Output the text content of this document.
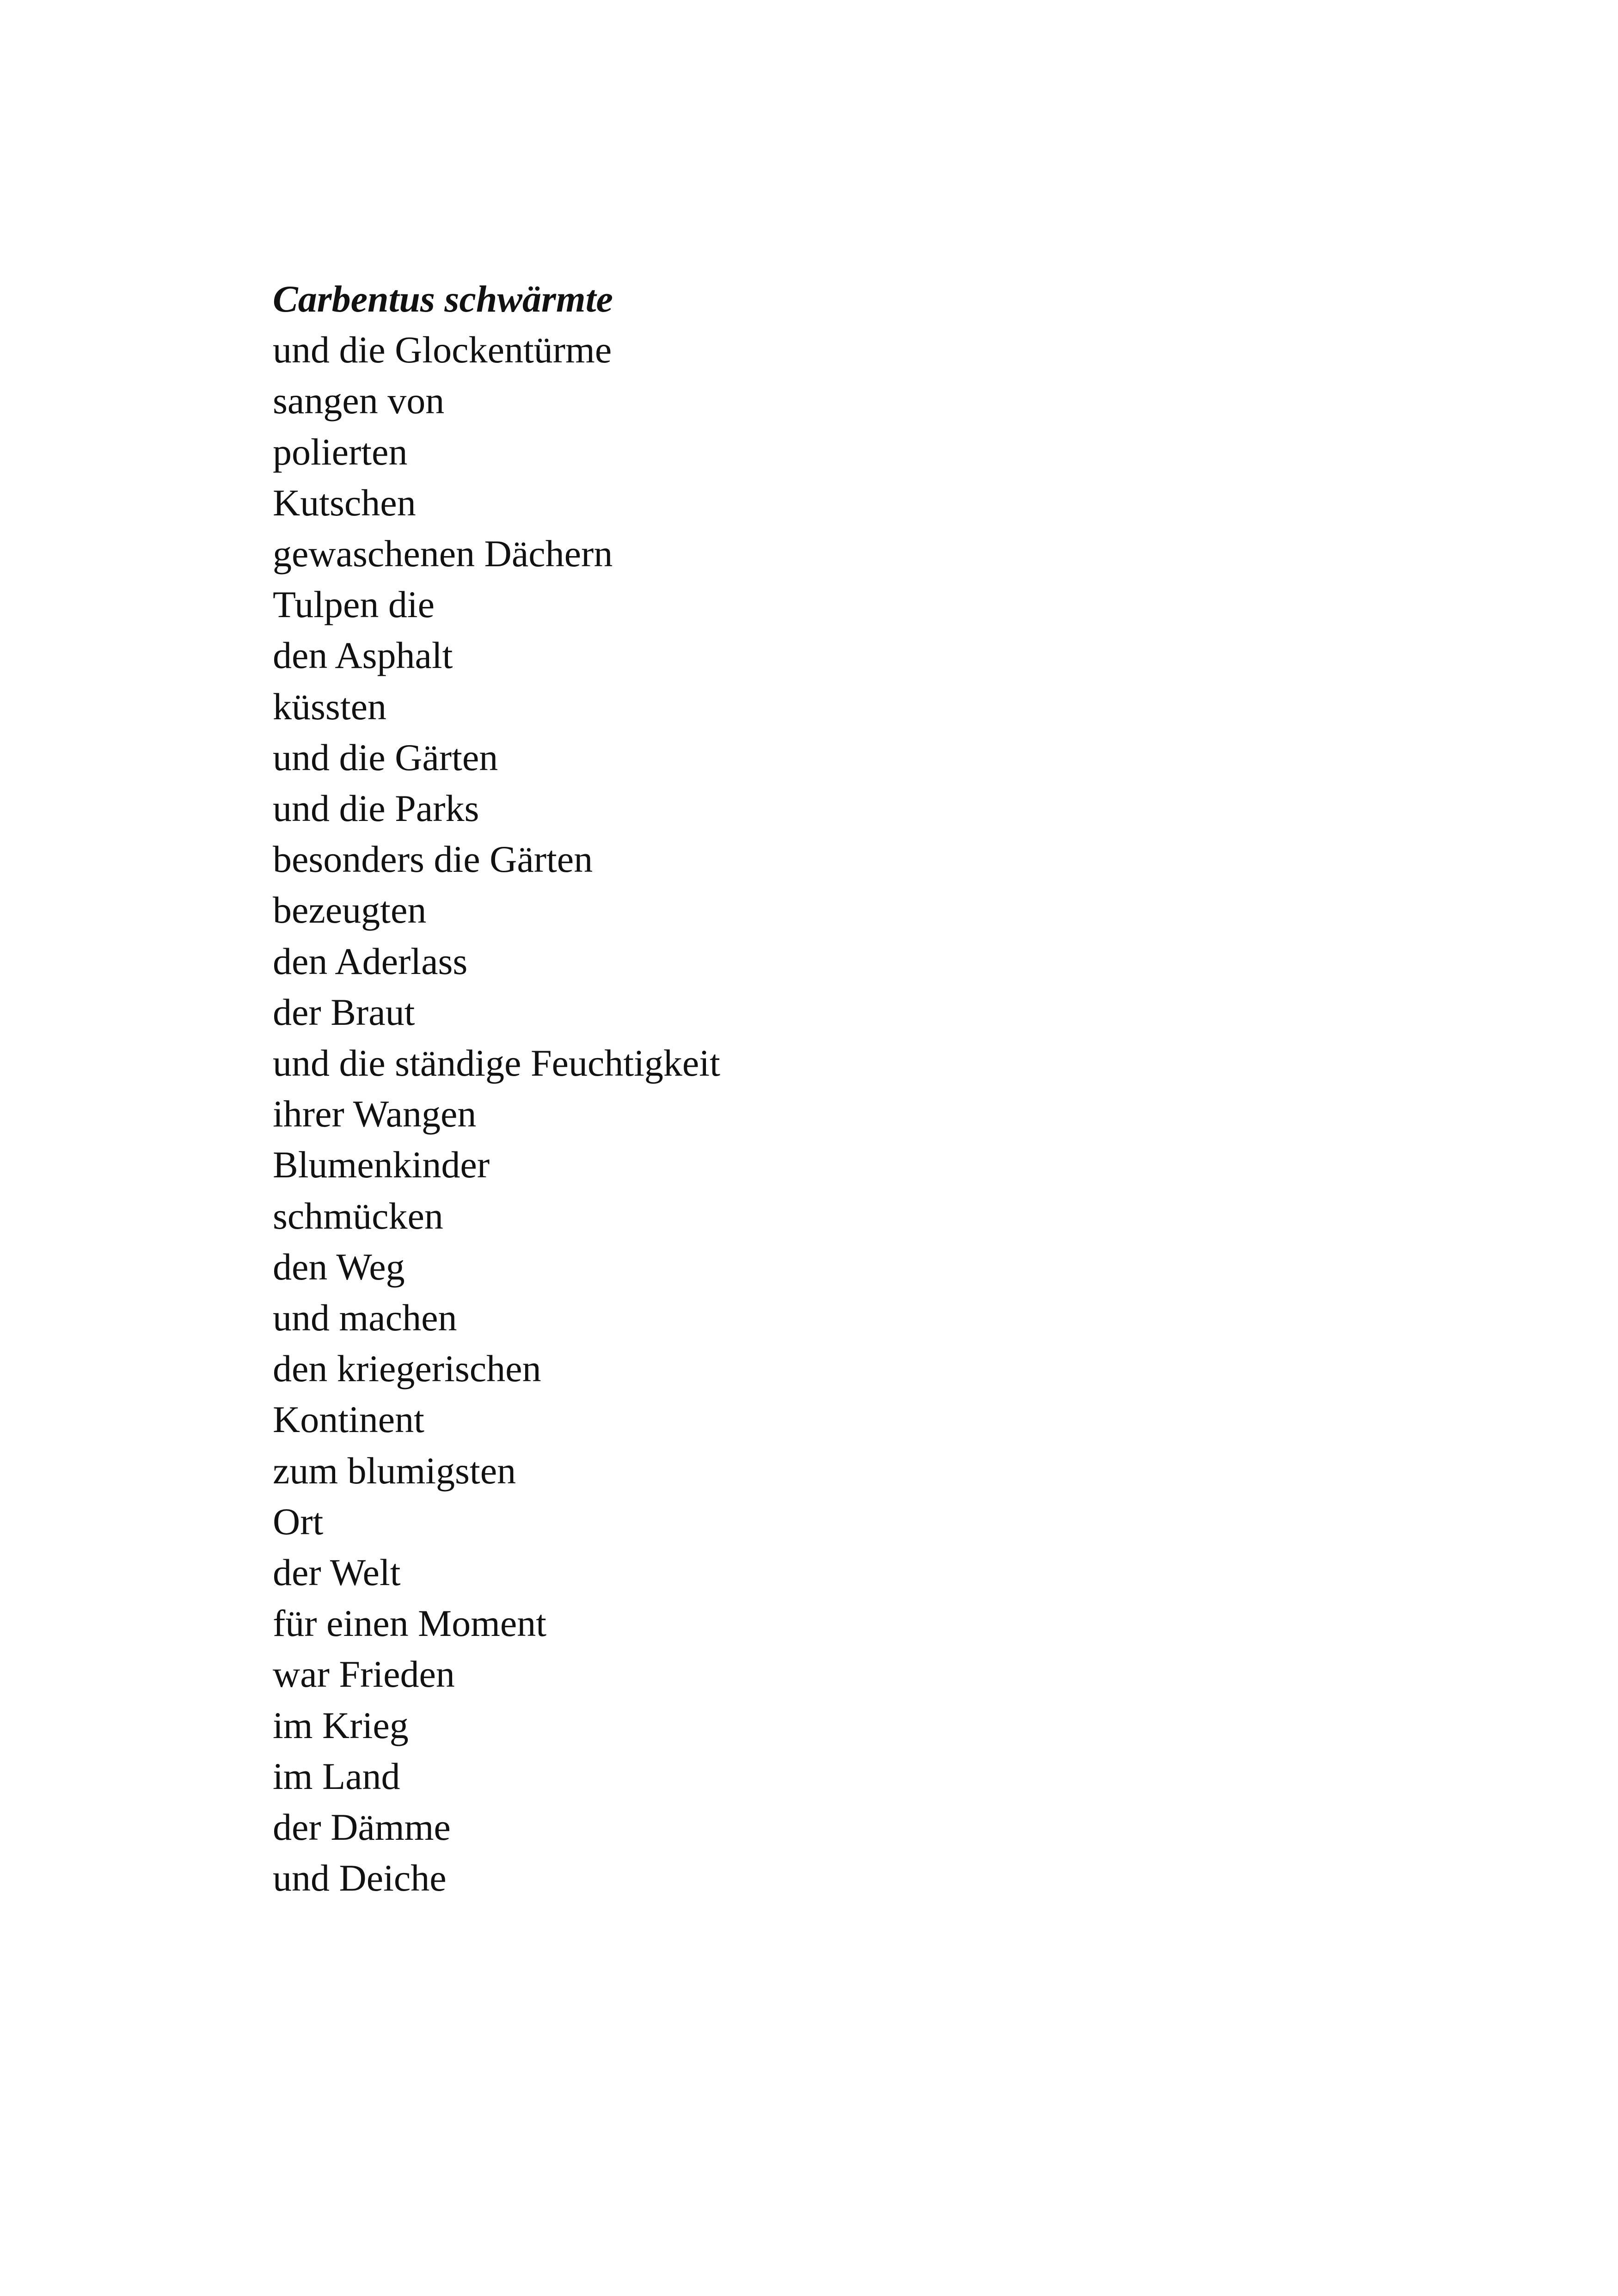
Carbentus schwärmte
und die Glockentürme
sangen von
polierten
Kutschen
gewaschenen Dächern
Tulpen die
den Asphalt
küssten
und die Gärten
und die Parks
besonders die Gärten
bezeugten
den Aderlass
der Braut
und die ständige Feuchtigkeit
ihrer Wangen
Blumenkinder
schmücken
den Weg
und machen
den kriegerischen
Kontinent
zum blumigsten
Ort
der Welt
für einen Moment
war Frieden
im Krieg
im Land
der Dämme
und Deiche
